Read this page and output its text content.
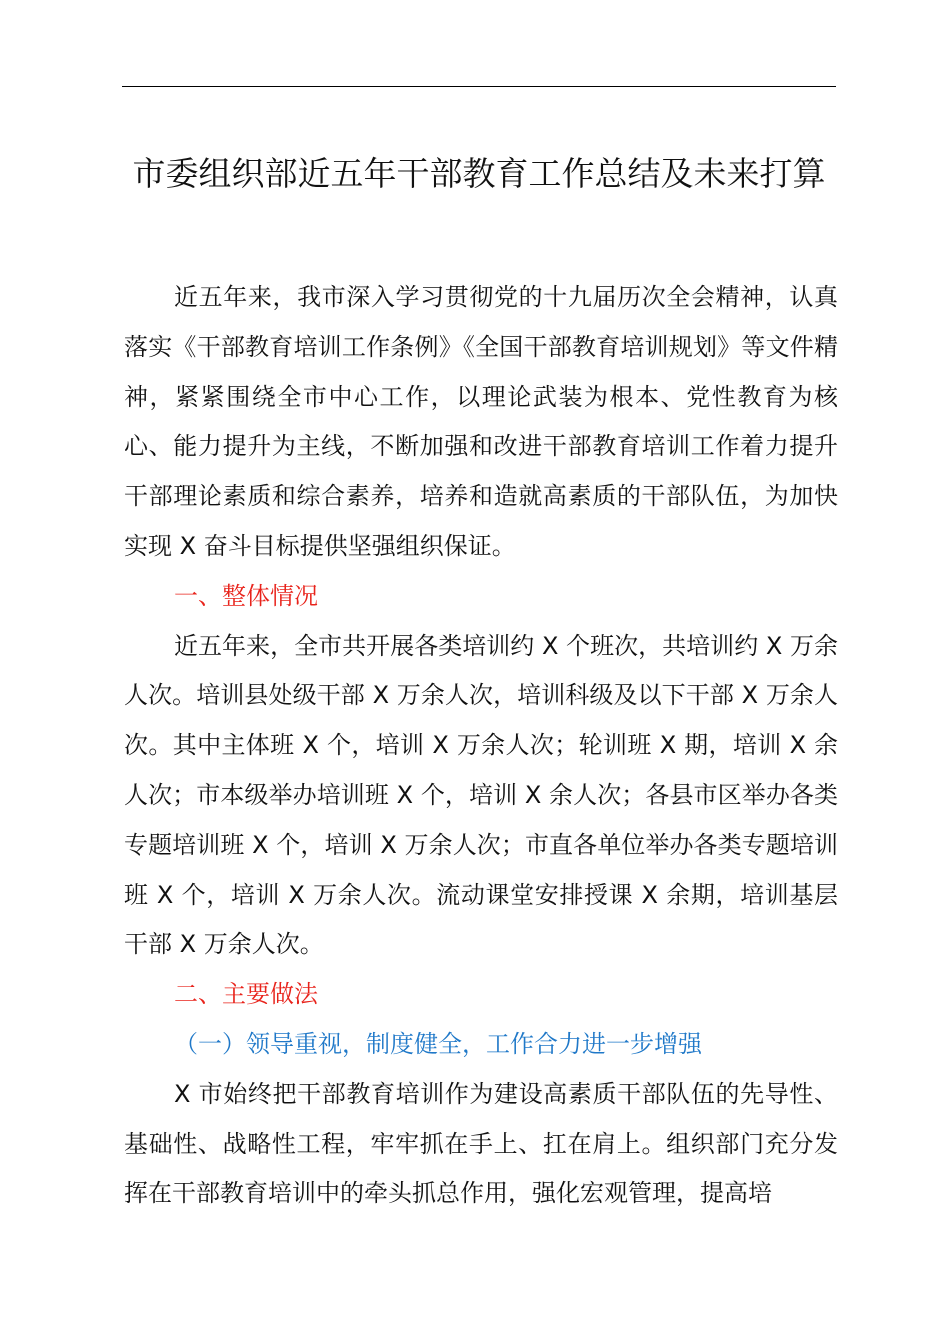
市委组织部近五年干部教育工作总结及未来打算

近五年来，我市深入学习贯彻党的十九届历次全会精神，认真落实《干部教育培训工作条例》《全国干部教育培训规划》等文件精神，紧紧围绕全市中心工作，以理论武装为根本、党性教育为核心、能力提升为主线，不断加强和改进干部教育培训工作着力提升干部理论素质和综合素养，培养和造就高素质的干部队伍，为加快实现 X 奋斗目标提供坚强组织保证。

一、整体情况

近五年来，全市共开展各类培训约 X 个班次，共培训约 X 万余人次。培训县处级干部 X 万余人次，培训科级及以下干部 X 万余人次。其中主体班 X 个，培训 X 万余人次；轮训班 X 期，培训 X 余人次；市本级举办培训班 X 个，培训 X 余人次；各县市区举办各类专题培训班 X 个，培训 X 万余人次；市直各单位举办各类专题培训班 X 个，培训 X 万余人次。流动课堂安排授课 X 余期，培训基层干部 X 万余人次。

二、主要做法

（一）领导重视，制度健全，工作合力进一步增强

X 市始终把干部教育培训作为建设高素质干部队伍的先导性、基础性、战略性工程，牢牢抓在手上、扛在肩上。组织部门充分发挥在干部教育培训中的牵头抓总作用，强化宏观管理，提高培
